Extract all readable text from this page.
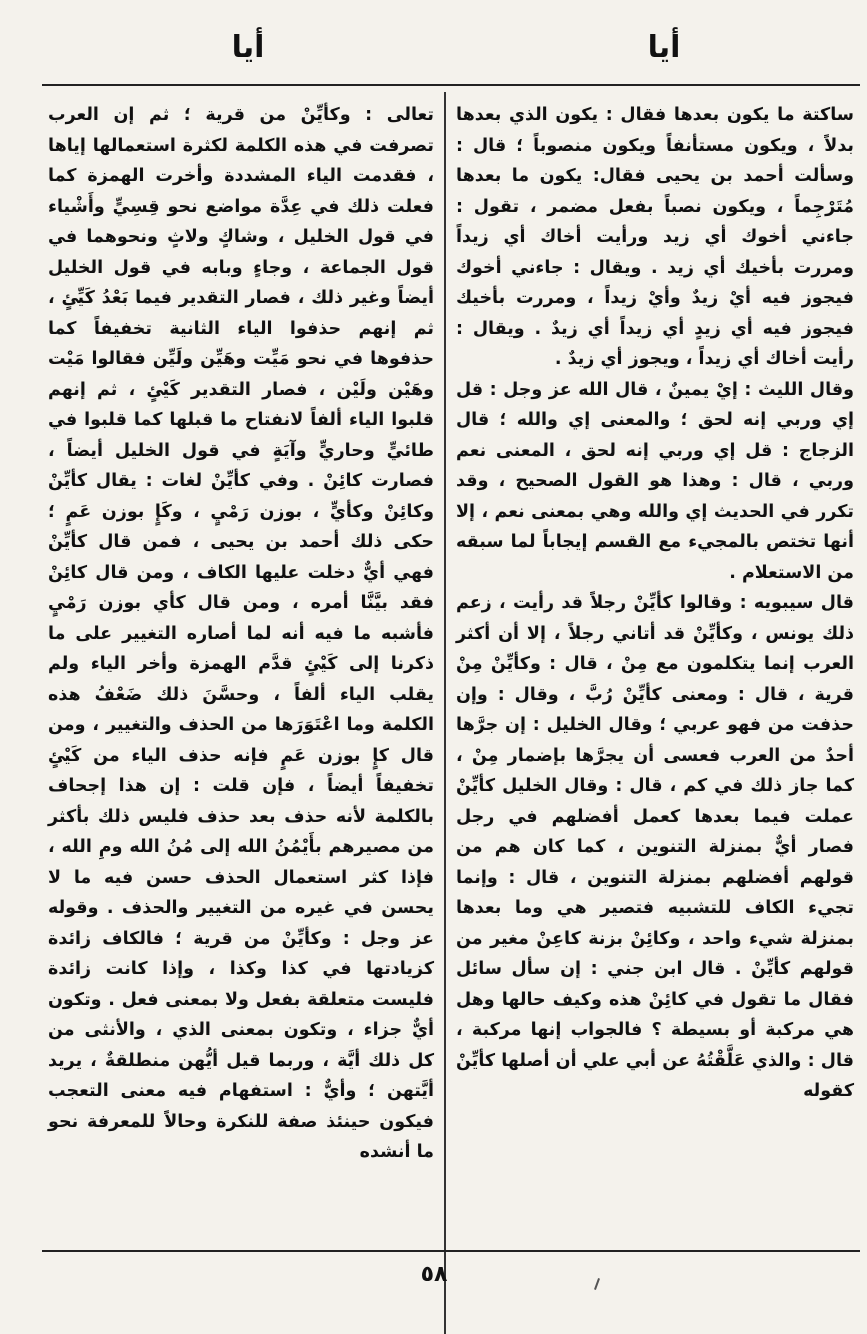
أيا
أيا

ساكتة ما يكون بعدها فقال : يكون الذي بعدها بدلاً ، ويكون مستأنفاً ويكون منصوباً ؛ قال : وسألت أحمد بن يحيى فقال: يكون ما بعدها مُتَرْجِماً ، ويكون نصباً بفعل مضمر ، تقول : جاءني أخوك أي زيد ورأيت أخاك أي زيداً ومررت بأخيك أي زيد . ويقال : جاءني أخوك فيجوز فيه أيْ زيدٌ وأيْ زيداً ، ومررت بأخيك فيجوز فيه أي زيدٍ أي زيداً أي زيدٌ . ويقال : رأيت أخاك أي زيداً ، ويجوز أي زيدٌ .

وقال الليث : إيْ يمينٌ ، قال الله عز وجل : قل إي وربي إنه لحق ؛ والمعنى إي والله ؛ قال الزجاج : قل إي وربي إنه لحق ، المعنى نعم وربي ، قال : وهذا هو القول الصحيح ، وقد تكرر في الحديث إي والله وهي بمعنى نعم ، إلا أنها تختص بالمجيء مع القسم إيجاباً لما سبقه من الاستعلام .

قال سيبويه : وقالوا كأيِّنْ رجلاً قد رأيت ، زعم ذلك يونس ، وكأيِّنْ قد أتاني رجلاً ، إلا أن أكثر العرب إنما يتكلمون مع مِنْ ، قال : وكأيِّنْ مِنْ قرية ، قال : ومعنى كأيِّنْ رُبَّ ، وقال : وإن حذفت من فهو عربي ؛ وقال الخليل : إن جرَّها أحدٌ من العرب فعسى أن يجرَّها بإضمار مِنْ ، كما جاز ذلك في كم ، قال : وقال الخليل كأيِّنْ عملت فيما بعدها كعمل أفضلهم في رجل فصار أيٌّ بمنزلة التنوين ، كما كان هم من قولهم أفضلهم بمنزلة التنوين ، قال : وإنما تجيء الكاف للتشبيه فتصير هي وما بعدها بمنزلة شيء واحد ، وكائِنْ بزنة كاعِنْ مغير من قولهم كأيِّنْ . قال ابن جني : إن سأل سائل فقال ما تقول في كائِنْ هذه وكيف حالها وهل هي مركبة أو بسيطة ؟ فالجواب إنها مركبة ، قال : والذي عَلَّقْتُهُ عن أبي علي أن أصلها كأيِّنْ كقوله

تعالى : وكأيِّنْ من قرية ؛ ثم إن العرب تصرفت في هذه الكلمة لكثرة استعمالها إياها ، فقدمت الياء المشددة وأخرت الهمزة كما فعلت ذلك في عِدَّة مواضع نحو قِسِيٍّ وأَشْياء في قول الخليل ، وشاكٍ ولاثٍ ونحوهما في قول الجماعة ، وجاءٍ وبابه في قول الخليل أيضاً وغير ذلك ، فصار التقدير فيما بَعْدُ كَيِّئٍ ، ثم إنهم حذفوا الياء الثانية تخفيفاً كما حذفوها في نحو مَيِّت وهَيِّن ولَيِّن فقالوا مَيْت وهَيْن ولَيْن ، فصار التقدير كَيْئٍ ، ثم إنهم قلبوا الياء ألفاً لانفتاح ما قبلها كما قلبوا في طائيٍّ وحاريٍّ وآيَةٍ في قول الخليل أيضاً ، فصارت كائِنْ . وفي كأيِّنْ لغات : يقال كأيِّنْ وكائِنْ وكأيٍّ ، بوزن رَمْيٍ ، وكَإٍ بوزن عَمٍ ؛ حكى ذلك أحمد بن يحيى ، فمن قال كأيِّنْ فهي أيٌّ دخلت عليها الكاف ، ومن قال كائِنْ فقد بيَّنَّا أمره ، ومن قال كأي بوزن رَمْيٍ فأشبه ما فيه أنه لما أصاره التغيير على ما ذكرنا إلى كَيْئٍ قدَّم الهمزة وأخر الياء ولم يقلب الياء ألفاً ، وحسَّنَ ذلك ضَعْفُ هذه الكلمة وما اعْتَوَرَها من الحذف والتغيير ، ومن قال كإٍ بوزن عَمٍ فإنه حذف الياء من كَيْئٍ تخفيفاً أيضاً ، فإن قلت : إن هذا إجحاف بالكلمة لأنه حذف بعد حذف فليس ذلك بأكثر من مصيرهم بأَيْمُنُ الله إلى مُنُ الله ومِ الله ، فإذا كثر استعمال الحذف حسن فيه ما لا يحسن في غيره من التغيير والحذف . وقوله عز وجل : وكأيِّنْ من قرية ؛ فالكاف زائدة كزيادتها في كذا وكذا ، وإذا كانت زائدة فليست متعلقة بفعل ولا بمعنى فعل . وتكون أيٌّ جزاء ، وتكون بمعنى الذي ، والأنثى من كل ذلك أيَّة ، وربما قيل أيُّهن منطلقةٌ ، يريد أيَّتهن ؛ وأيٌّ : استفهام فيه معنى التعجب فيكون حينئذ صفة للنكرة وحالاً للمعرفة نحو ما أنشده

٥٨
